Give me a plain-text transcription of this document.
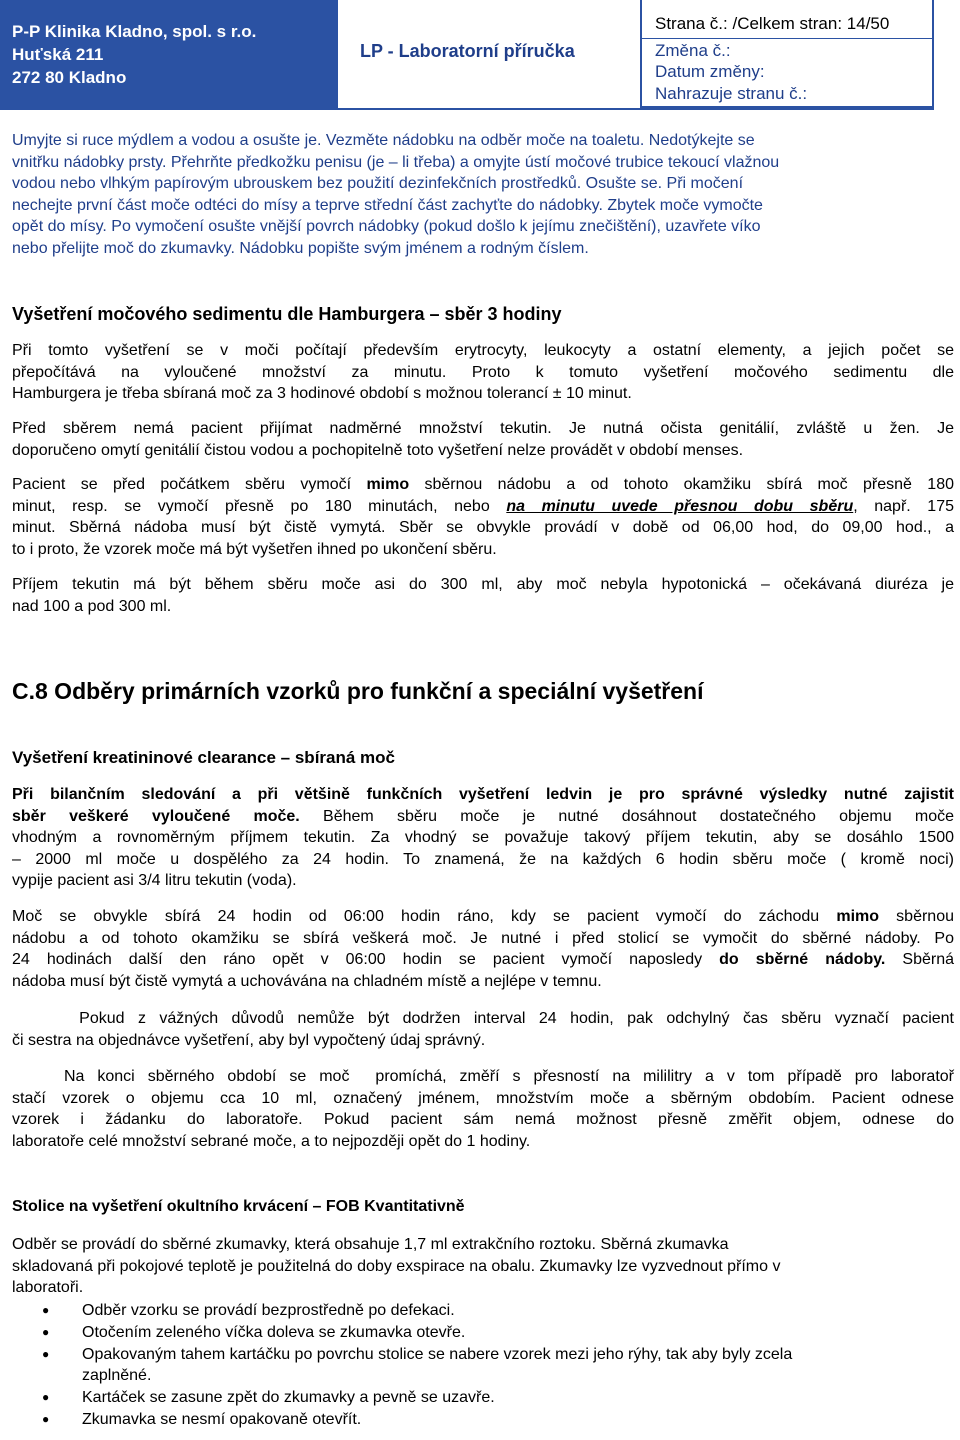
P-P Klinika Kladno, spol. s r.o.
Huťská 211
272 80 Kladno
LP - Laboratorní příručka
Strana č.: /Celkem stran: 14/50
Změna č.:
Datum změny:
Nahrazuje stranu č.:
Umyjte si ruce mýdlem a vodou a osušte je. Vezměte nádobku na odběr moče na toaletu. Nedotýkejte se
vnitřku nádobky prsty. Přehrňte předkožku penisu (je – li třeba) a omyjte ústí močové trubice tekoucí vlažnou
vodou nebo vlhkým papírovým ubrouskem bez použití dezinfekčních prostředků. Osušte se. Při močení
nechejte první část moče odtéci do mísy a teprve střední část zachyťte do nádobky. Zbytek moče vymočte
opět do mísy. Po vymočení osušte vnější povrch nádobky (pokud došlo k jejímu znečištění), uzavřete víko
nebo přelijte moč do zkumavky. Nádobku popište svým jménem a rodným číslem.
Vyšetření močového sedimentu dle Hamburgera – sběr 3 hodiny
Při tomto vyšetření se v moči počítají především erytrocyty, leukocyty a ostatní elementy, a jejich počet se
přepočítává na vyloučené množství za minutu. Proto k tomuto vyšetření močového sedimentu dle
Hamburgera je třeba sbíraná moč za 3 hodinové období s možnou tolerancí ± 10 minut.
Před sběrem nemá pacient přijímat nadměrné množství tekutin. Je nutná očista genitálií, zvláště u žen. Je
doporučeno omytí genitálií čistou vodou a pochopitelně toto vyšetření nelze provádět v období menses.
Pacient se před počátkem sběru vymočí mimo sběrnou nádobu a od tohoto okamžiku sbírá moč přesně 180
minut, resp. se vymočí přesně po 180 minutách, nebo na minutu uvede přesnou dobu sběru, např. 175
minut. Sběrná nádoba musí být čistě vymytá. Sběr se obvykle provádí v době od 06,00 hod, do 09,00 hod., a
to i proto, že vzorek moče má být vyšetřen ihned po ukončení sběru.
Příjem tekutin má být během sběru moče asi do 300 ml, aby moč nebyla hypotonická – očekávaná diuréza je
nad 100 a pod 300 ml.
C.8 Odběry primárních vzorků pro funkční a speciální vyšetření
Vyšetření kreatininové clearance – sbíraná moč
Při bilančním sledování a při většině funkčních vyšetření ledvin je pro správné výsledky nutné zajistit
sběr veškeré vyloučené moče. Během sběru moče je nutné dosáhnout dostatečného objemu moče
vhodným a rovnoměrným příjmem tekutin. Za vhodný se považuje takový příjem tekutin, aby se dosáhlo 1500
– 2000 ml moče u dospělého za 24 hodin. To znamená, že na každých 6 hodin sběru moče ( kromě noci)
vypije pacient asi 3/4 litru tekutin (voda).
Moč se obvykle sbírá 24 hodin od 06:00 hodin ráno, kdy se pacient vymočí do záchodu mimo sběrnou
nádobu a od tohoto okamžiku se sbírá veškerá moč. Je nutné i před stolicí se vymočit do sběrné nádoby. Po
24 hodinách další den ráno opět v 06:00 hodin se pacient vymočí naposledy do sběrné nádoby. Sběrná
nádoba musí být čistě vymytá a uchovávána na chladném místě a nejlépe v temnu.
Pokud z vážných důvodů nemůže být dodržen interval 24 hodin, pak odchylný čas sběru vyznačí pacient
či sestra na objednávce vyšetření, aby byl vypočtený údaj správný.
Na konci sběrného období se moč  promíchá, změří s přesností na mililitry a v tom případě pro laboratoř
stačí vzorek o objemu cca 10 ml, označený jménem, množstvím moče a sběrným obdobím. Pacient odnese
vzorek i žádanku do laboratoře. Pokud pacient sám nemá možnost přesně změřit objem, odnese do
laboratoře celé množství sebrané moče, a to nejpozději opět do 1 hodiny.
Stolice na vyšetření okultního krvácení – FOB Kvantitativně
Odběr se provádí do sběrné zkumavky, která obsahuje 1,7 ml extrakčního roztoku. Sběrná zkumavka
skladovaná při pokojové teplotě je použitelná do doby exspirace na obalu. Zkumavky lze vyzvednout přímo v
laboratoři.
● Odběr vzorku se provádí bezprostředně po defekaci.
● Otočením zeleného víčka doleva se zkumavka otevře.
● Opakovaným tahem kartáčku po povrchu stolice se nabere vzorek mezi jeho rýhy, tak aby byly zcela
zaplněné.
● Kartáček se zasune zpět do zkumavky a pevně se uzavře.
● Zkumavka se nesmí opakovaně otevřít.
